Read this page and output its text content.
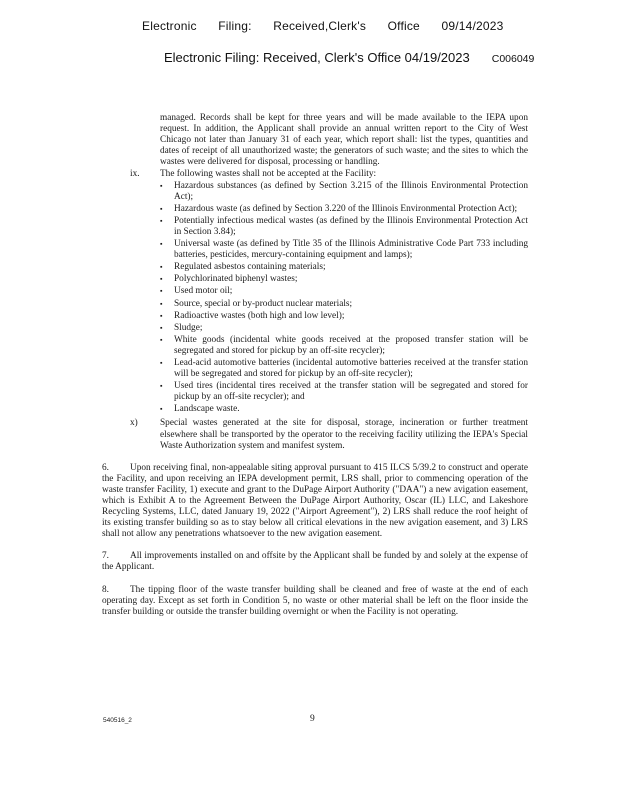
Electronic Filing: Received,Clerk's Office 09/14/2023
Electronic Filing: Received, Clerk's Office 04/19/2023 C006049
managed. Records shall be kept for three years and will be made available to the IEPA upon request. In addition, the Applicant shall provide an annual written report to the City of West Chicago not later than January 31 of each year, which report shall: list the types, quantities and dates of receipt of all unauthorized waste; the generators of such waste; and the sites to which the wastes were delivered for disposal, processing or handling.
ix.	The following wastes shall not be accepted at the Facility:
▪	Hazardous substances (as defined by Section 3.215 of the Illinois Environmental Protection Act);
▪	Hazardous waste (as defined by Section 3.220 of the Illinois Environmental Protection Act);
▪	Potentially infectious medical wastes (as defined by the Illinois Environmental Protection Act in Section 3.84);
▪	Universal waste (as defined by Title 35 of the Illinois Administrative Code Part 733 including batteries, pesticides, mercury-containing equipment and lamps);
▪	Regulated asbestos containing materials;
▪	Polychlorinated biphenyl wastes;
▪	Used motor oil;
▪	Source, special or by-product nuclear materials;
▪	Radioactive wastes (both high and low level);
▪	Sludge;
▪	White goods (incidental white goods received at the proposed transfer station will be segregated and stored for pickup by an off-site recycler);
▪	Lead-acid automotive batteries (incidental automotive batteries received at the transfer station will be segregated and stored for pickup by an off-site recycler);
▪	Used tires (incidental tires received at the transfer station will be segregated and stored for pickup by an off-site recycler); and
▪	Landscape waste.
x)	Special wastes generated at the site for disposal, storage, incineration or further treatment elsewhere shall be transported by the operator to the receiving facility utilizing the IEPA's Special Waste Authorization system and manifest system.

6. Upon receiving final, non-appealable siting approval pursuant to 415 ILCS 5/39.2 to construct and operate the Facility, and upon receiving an IEPA development permit, LRS shall, prior to commencing operation of the waste transfer Facility, 1) execute and grant to the DuPage Airport Authority ("DAA") a new avigation easement, which is Exhibit A to the Agreement Between the DuPage Airport Authority, Oscar (IL) LLC, and Lakeshore Recycling Systems, LLC, dated January 19, 2022 ("Airport Agreement"), 2) LRS shall reduce the roof height of its existing transfer building so as to stay below all critical elevations in the new avigation easement, and 3) LRS shall not allow any penetrations whatsoever to the new avigation easement.

7. All improvements installed on and offsite by the Applicant shall be funded by and solely at the expense of the Applicant.

8. The tipping floor of the waste transfer building shall be cleaned and free of waste at the end of each operating day. Except as set forth in Condition 5, no waste or other material shall be left on the floor inside the transfer building or outside the transfer building overnight or when the Facility is not operating.

540516_2	9
